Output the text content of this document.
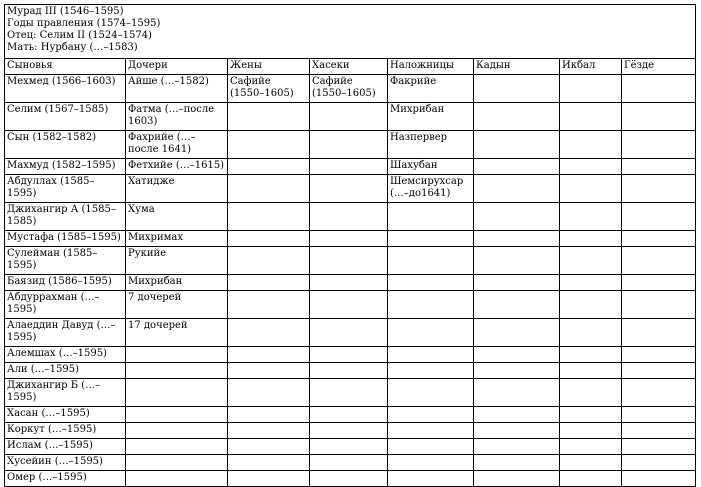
Мурад III (1546–1595)
Годы правления (1574–1595)
Отец: Селим II (1524–1574)
Мать: Нурбану (…–1583)							

Сыновья	Дочери	Жены	Хасеки	Наложницы	Кадын	Икбал	Гёзде
Мехмед (1566–1603)	Айше (…–1582)	Сафийе (1550–1605)	Сафийе (1550–1605)	Факрийе			
Селим (1567–1585)	Фатма (…–после 1603)			Михрибан			
Сын (1582–1582)	Фахрийе (…–после 1641)			Назпервер			
Махмуд (1582–1595)	Фетхийе (…–1615)			Шахубан			
Абдуллах (1585–1595)	Хатидже			Шемсирухсар (…–до1641)			
Джихангир А (1585–1585)	Хума						
Мустафа (1585–1595)	Михримах						
Сулейман (1585–1595)	Рукийе						
Баязид (1586–1595)	Михрибан						
Абдуррахман (…–1595)	7 дочерей						
Алаеддин Давуд (…–1595)	17 дочерей						
Алемшах (…–1595)							
Али (…–1595)							
Джихангир Б (…–1595)							
Хасан (…–1595)							
Коркут (…–1595)							
Ислам (…–1595)							
Хусейин (…–1595)							
Омер (…–1595)							
